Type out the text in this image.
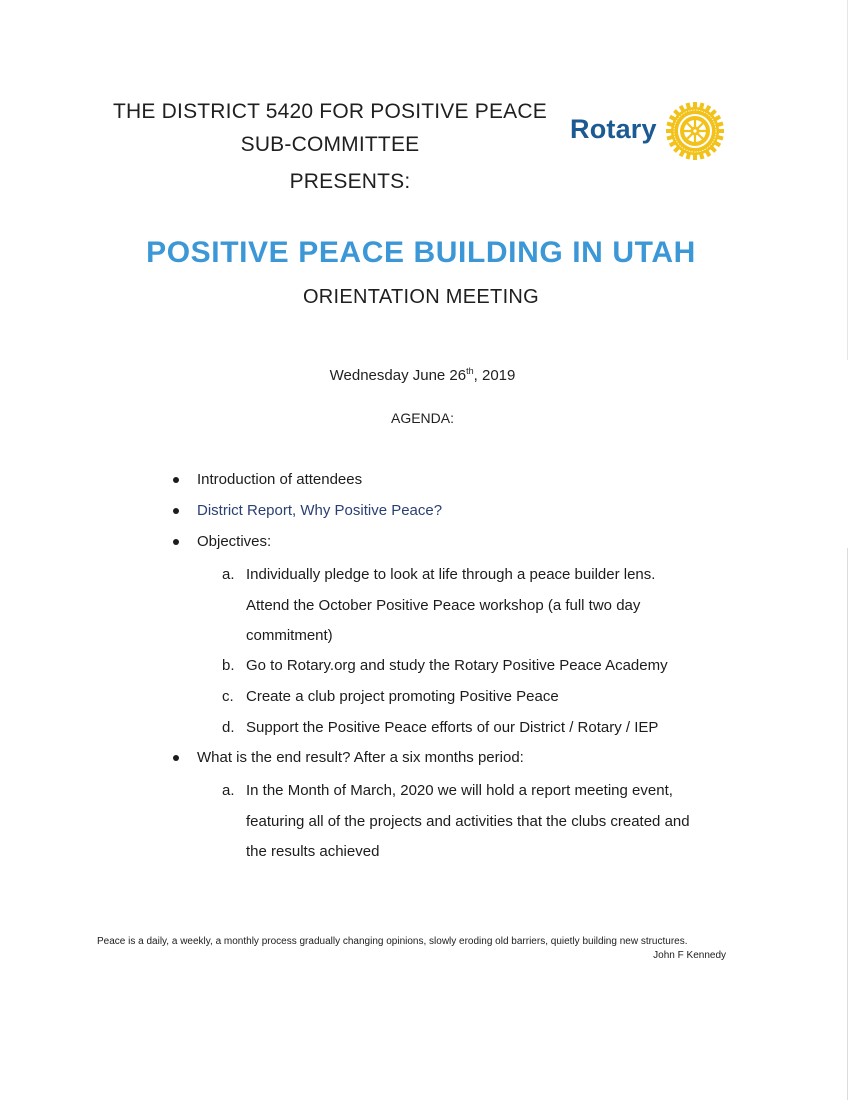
THE DISTRICT 5420 FOR POSITIVE PEACE
SUB-COMMITTEE
PRESENTS:
Rotary
POSITIVE PEACE BUILDING IN UTAH
ORIENTATION MEETING
Wednesday June 26th, 2019
AGENDA:
Introduction of attendees
District Report, Why Positive Peace?
Objectives:
a. Individually pledge to look at life through a peace builder lens. Attend the October Positive Peace workshop (a full two day commitment)
b. Go to Rotary.org and study the Rotary Positive Peace Academy
c. Create a club project promoting Positive Peace
d. Support the Positive Peace efforts of our District / Rotary / IEP
What is the end result? After a six months period:
a. In the Month of March, 2020 we will hold a report meeting event, featuring all of the projects and activities that the clubs created and the results achieved
Peace is a daily, a weekly, a monthly process gradually changing opinions, slowly eroding old barriers, quietly building new structures.
John F Kennedy
